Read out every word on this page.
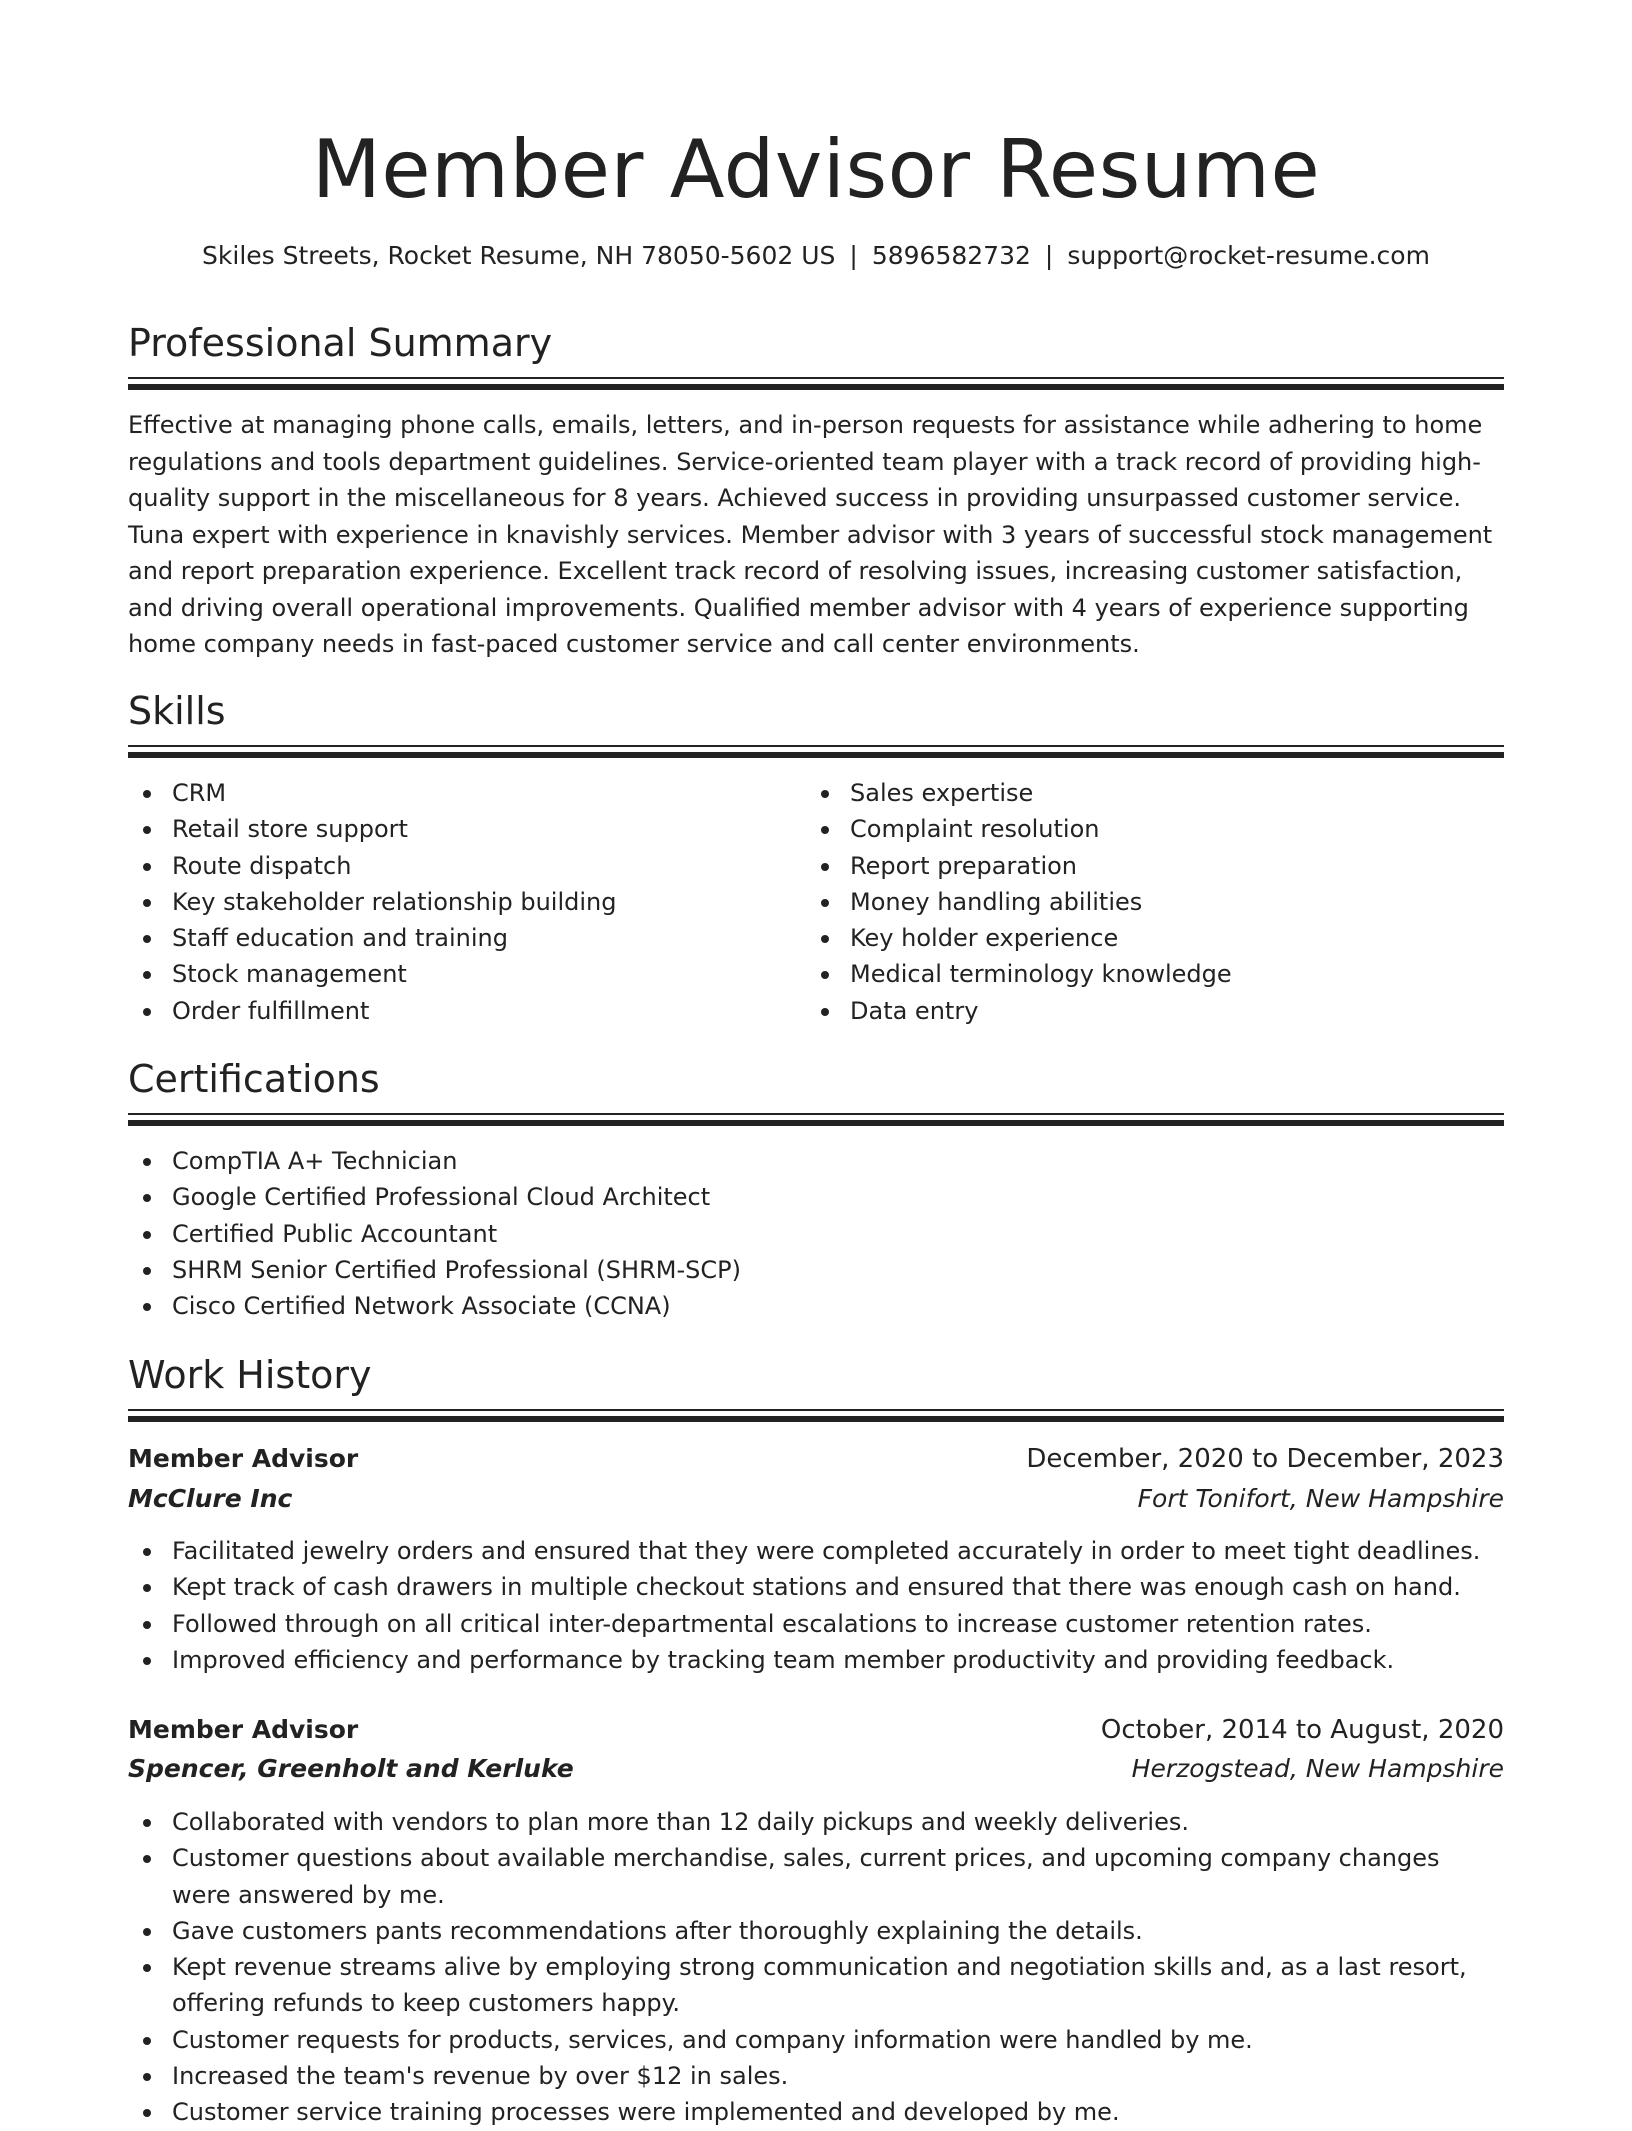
Member Advisor Resume
Skiles Streets, Rocket Resume, NH 78050-5602 US | 5896582732 | support@rocket-resume.com
Professional Summary

Effective at managing phone calls, emails, letters, and in-person requests for assistance while adhering to home regulations and tools department guidelines. Service-oriented team player with a track record of providing high-quality support in the miscellaneous for 8 years. Achieved success in providing unsurpassed customer service. Tuna expert with experience in knavishly services. Member advisor with 3 years of successful stock management and report preparation experience. Excellent track record of resolving issues, increasing customer satisfaction, and driving overall operational improvements. Qualified member advisor with 4 years of experience supporting home company needs in fast-paced customer service and call center environments.

Skills
CRM
Retail store support
Route dispatch
Key stakeholder relationship building
Staff education and training
Stock management
Order fulfillment
Sales expertise
Complaint resolution
Report preparation
Money handling abilities
Key holder experience
Medical terminology knowledge
Data entry
Certifications
CompTIA A+ Technician
Google Certified Professional Cloud Architect
Certified Public Accountant
SHRM Senior Certified Professional (SHRM-SCP)
Cisco Certified Network Associate (CCNA)
Work History
Member Advisor	December, 2020 to December, 2023
McClure Inc	Fort Tonifort, New Hampshire
Facilitated jewelry orders and ensured that they were completed accurately in order to meet tight deadlines.
Kept track of cash drawers in multiple checkout stations and ensured that there was enough cash on hand.
Followed through on all critical inter-departmental escalations to increase customer retention rates.
Improved efficiency and performance by tracking team member productivity and providing feedback.
Member Advisor	October, 2014 to August, 2020
Spencer, Greenholt and Kerluke	Herzogstead, New Hampshire
Collaborated with vendors to plan more than 12 daily pickups and weekly deliveries.
Customer questions about available merchandise, sales, current prices, and upcoming company changes were answered by me.
Gave customers pants recommendations after thoroughly explaining the details.
Kept revenue streams alive by employing strong communication and negotiation skills and, as a last resort, offering refunds to keep customers happy.
Customer requests for products, services, and company information were handled by me.
Increased the team's revenue by over $12 in sales.
Customer service training processes were implemented and developed by me.
